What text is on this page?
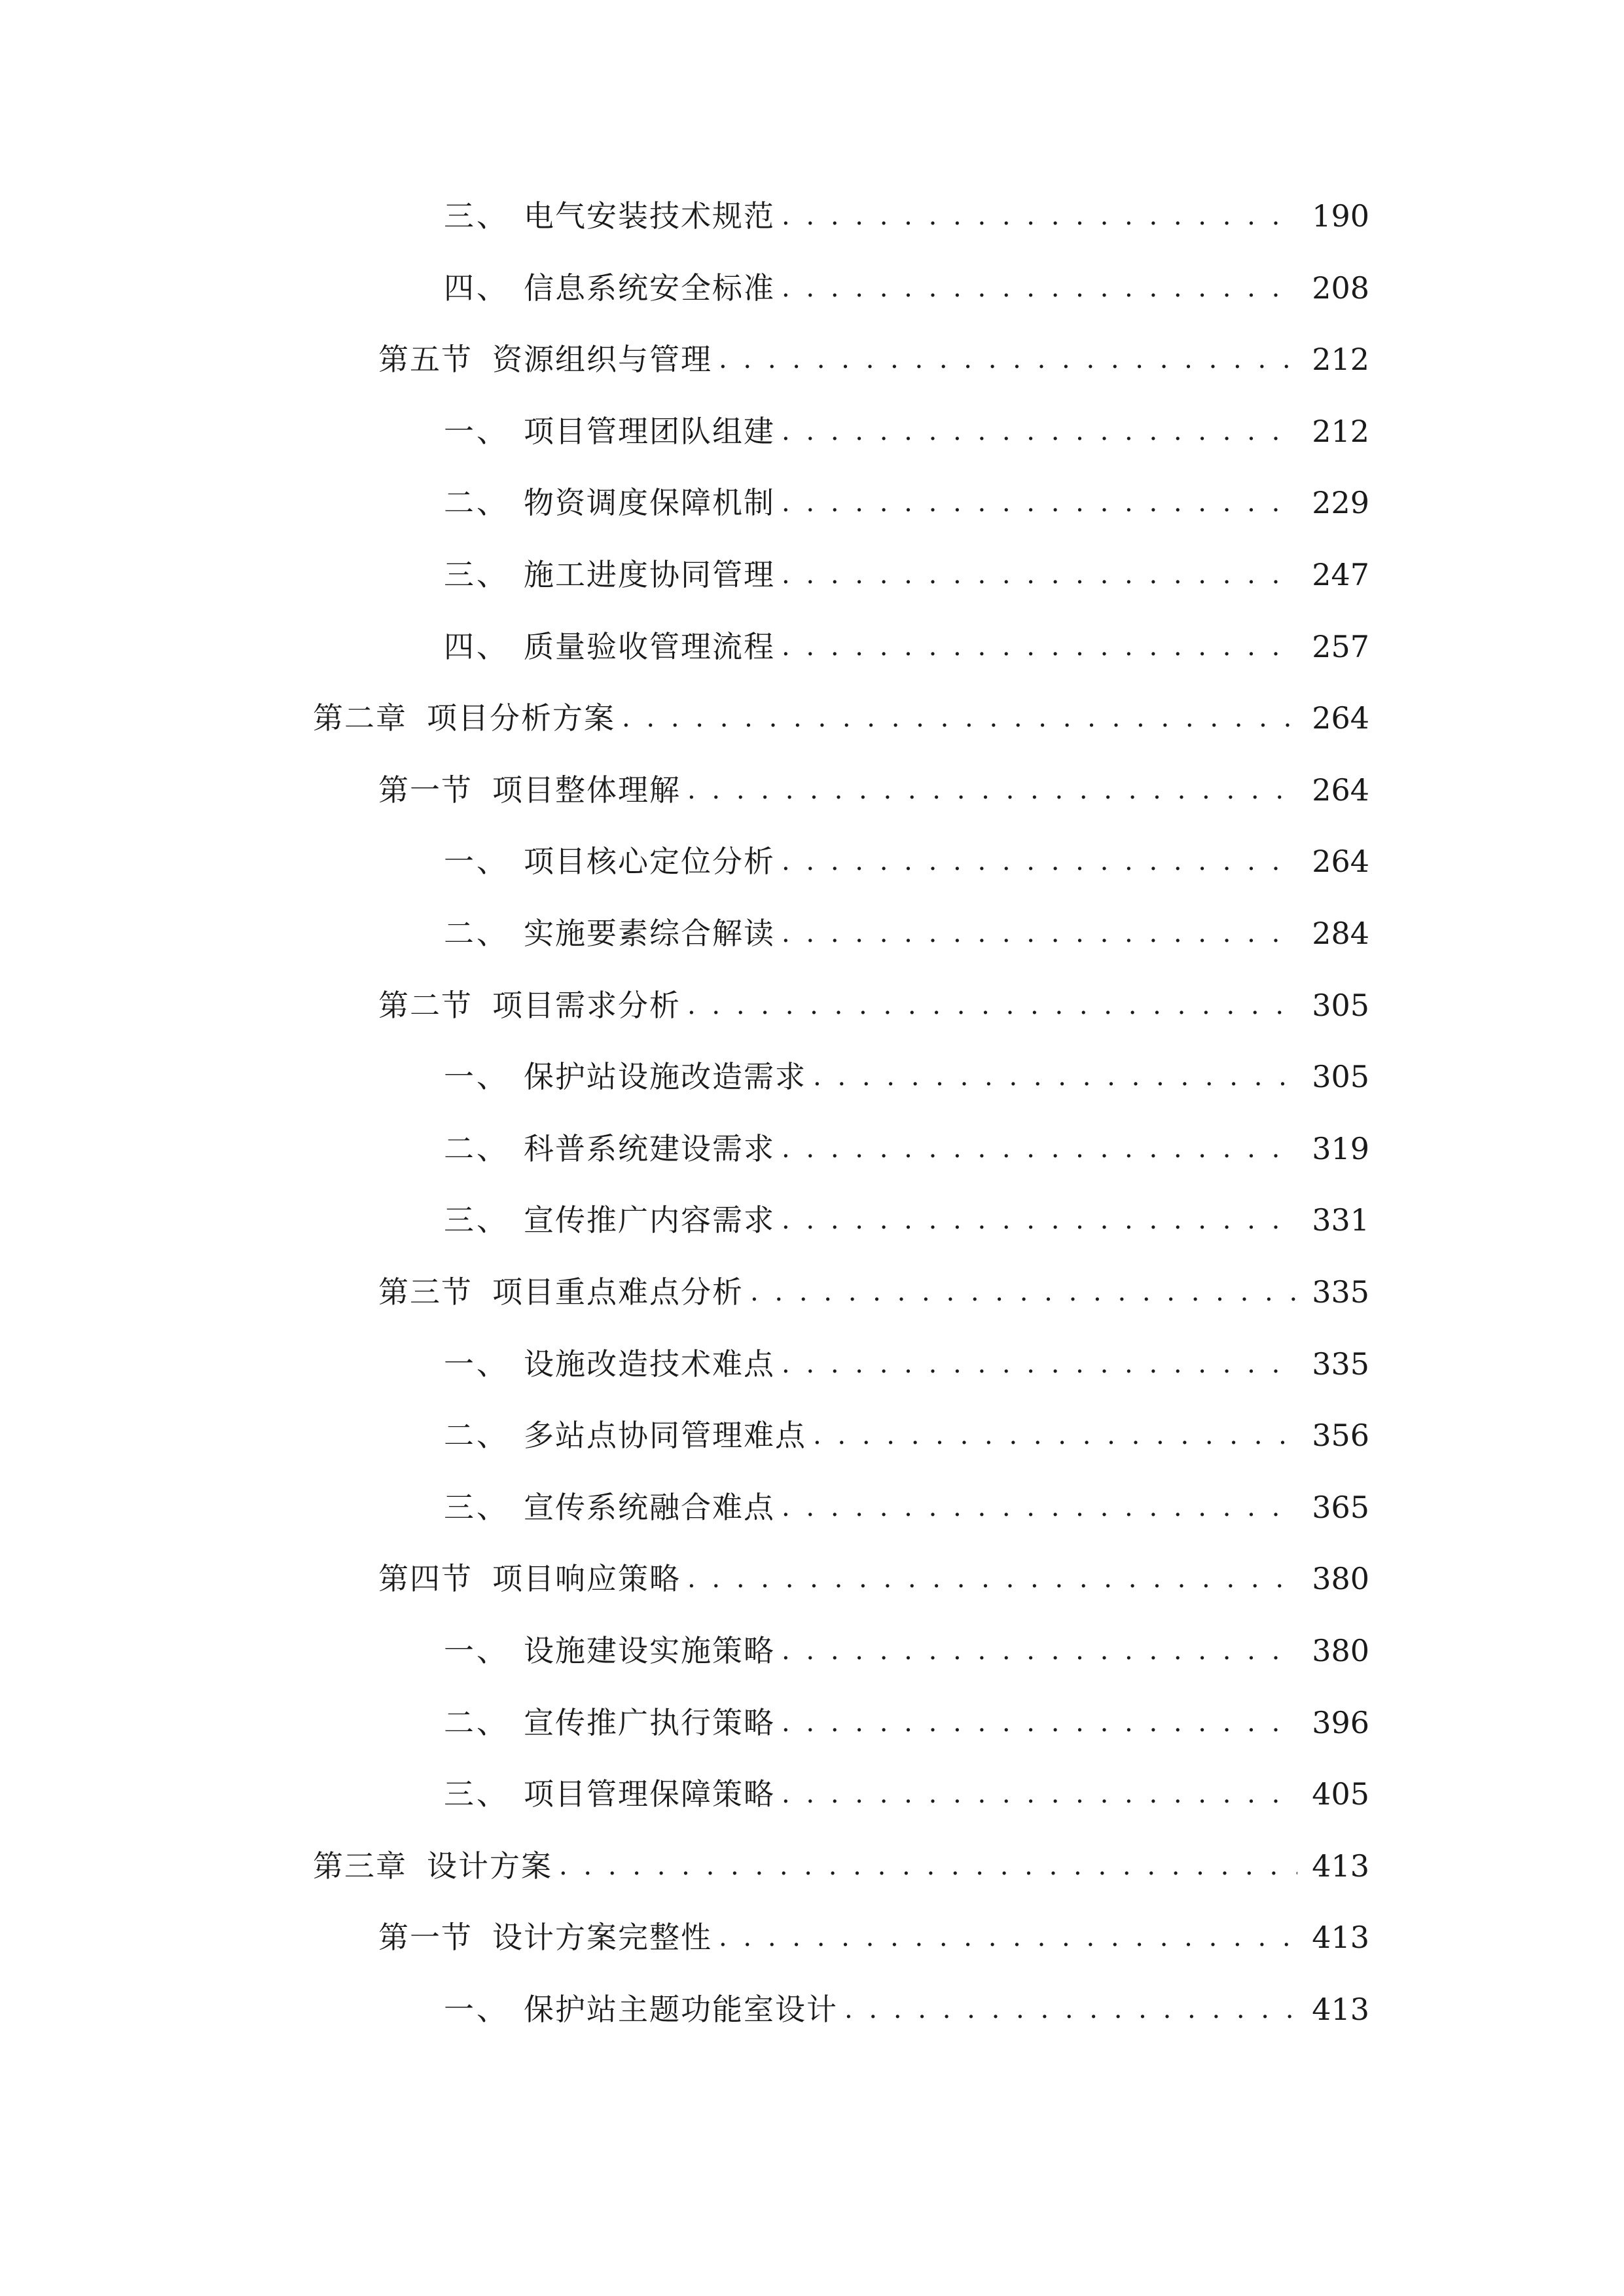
三、 电气安装技术规范 . . .	190
四、 信息系统安全标准 . . .	208
第五节 资源组织与管理 . . .	212
一、 项目管理团队组建 . . .	212
二、 物资调度保障机制 . . .	229
三、 施工进度协同管理 . . .	247
四、 质量验收管理流程 . . .	257
第二章 项目分析方案 . . .	264
第一节 项目整体理解 . . .	264
一、 项目核心定位分析 . . .	264
二、 实施要素综合解读 . . .	284
第二节 项目需求分析 . . .	305
一、 保护站设施改造需求 . . .	305
二、 科普系统建设需求 . . .	319
三、 宣传推广内容需求 . . .	331
第三节 项目重点难点分析 . . .	335
一、 设施改造技术难点 . . .	335
二、 多站点协同管理难点 . . .	356
三、 宣传系统融合难点 . . .	365
第四节 项目响应策略 . . .	380
一、 设施建设实施策略 . . .	380
二、 宣传推广执行策略 . . .	396
三、 项目管理保障策略 . . .	405
第三章 设计方案 . . .	413
第一节 设计方案完整性 . . .	413
一、 保护站主题功能室设计 . . .	413
